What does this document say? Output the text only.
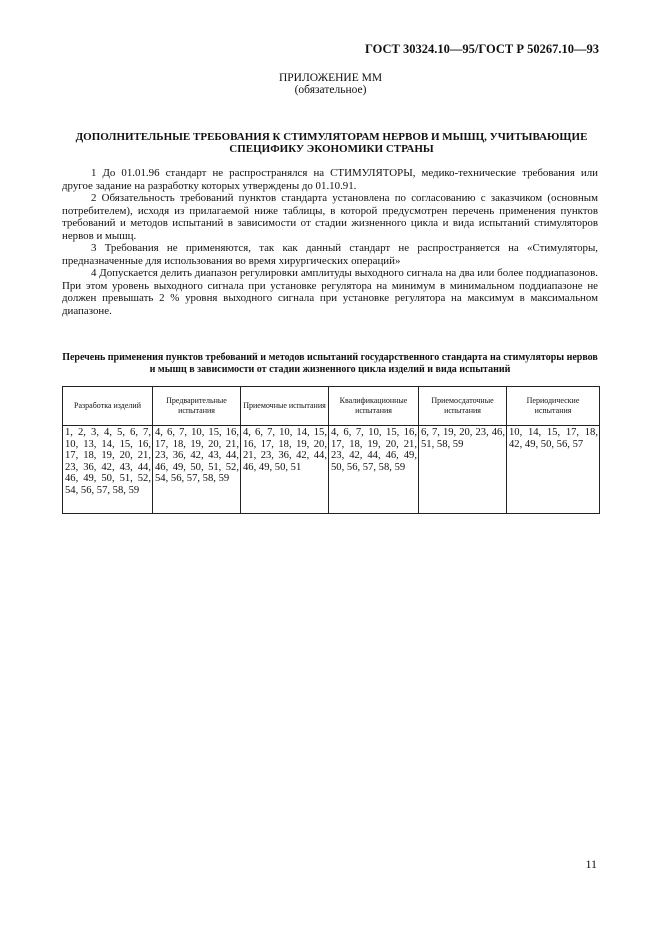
ГОСТ 30324.10—95/ГОСТ Р 50267.10—93
ПРИЛОЖЕНИЕ ММ
(обязательное)
ДОПОЛНИТЕЛЬНЫЕ ТРЕБОВАНИЯ К СТИМУЛЯТОРАМ НЕРВОВ И МЫШЦ, УЧИТЫВАЮЩИЕ СПЕЦИФИКУ ЭКОНОМИКИ СТРАНЫ

1 До 01.01.96 стандарт не распространялся на СТИМУЛЯТОРЫ, медико-технические требования или другое задание на разработку которых утверждены до 01.10.91.

2 Обязательность требований пунктов стандарта установлена по согласованию с заказчиком (основным потребителем), исходя из прилагаемой ниже таблицы, в которой предусмотрен перечень применения пунктов требований и методов испытаний в зависимости от стадии жизненного цикла и вида испытаний стимуляторов нервов и мышц.

3 Требования не применяются, так как данный стандарт не распространяется на «Стимуляторы, предназначенные для использования во время хирургических операций»

4 Допускается делить диапазон регулировки амплитуды выходного сигнала на два или более поддиапазонов. При этом уровень выходного сигнала при установке регулятора на минимум в минимальном поддиапазоне не должен превышать 2 % уровня выходного сигнала при установке регулятора на максимум в максимальном диапазоне.

Перечень применения пунктов требований и методов испытаний государственного стандарта на стимуляторы нервов и мышц в зависимости от стадии жизненного цикла изделий и вида испытаний
Разработка изделий	Предварительные испытания	Приемочные испытания	Квалификационные испытания	Приемосдаточные испытания	Периодические испытания
1, 2, 3, 4, 5, 6, 7, 10, 13, 14, 15, 16, 17, 18, 19, 20, 21, 23, 36, 42, 43, 44, 46, 49, 50, 51, 52, 54, 56, 57, 58, 59	4, 6, 7, 10, 15, 16, 17, 18, 19, 20, 21, 23, 36, 42, 43, 44, 46, 49, 50, 51, 52, 54, 56, 57, 58, 59	4, 6, 7, 10, 14, 15, 16, 17, 18, 19, 20, 21, 23, 36, 42, 44, 46, 49, 50, 51	4, 6, 7, 10, 15, 16, 17, 18, 19, 20, 21, 23, 42, 44, 46, 49, 50, 56, 57, 58, 59	6, 7, 19, 20, 23, 46, 51, 58, 59	10, 14, 15, 17, 18, 42, 49, 50, 56, 57
11
